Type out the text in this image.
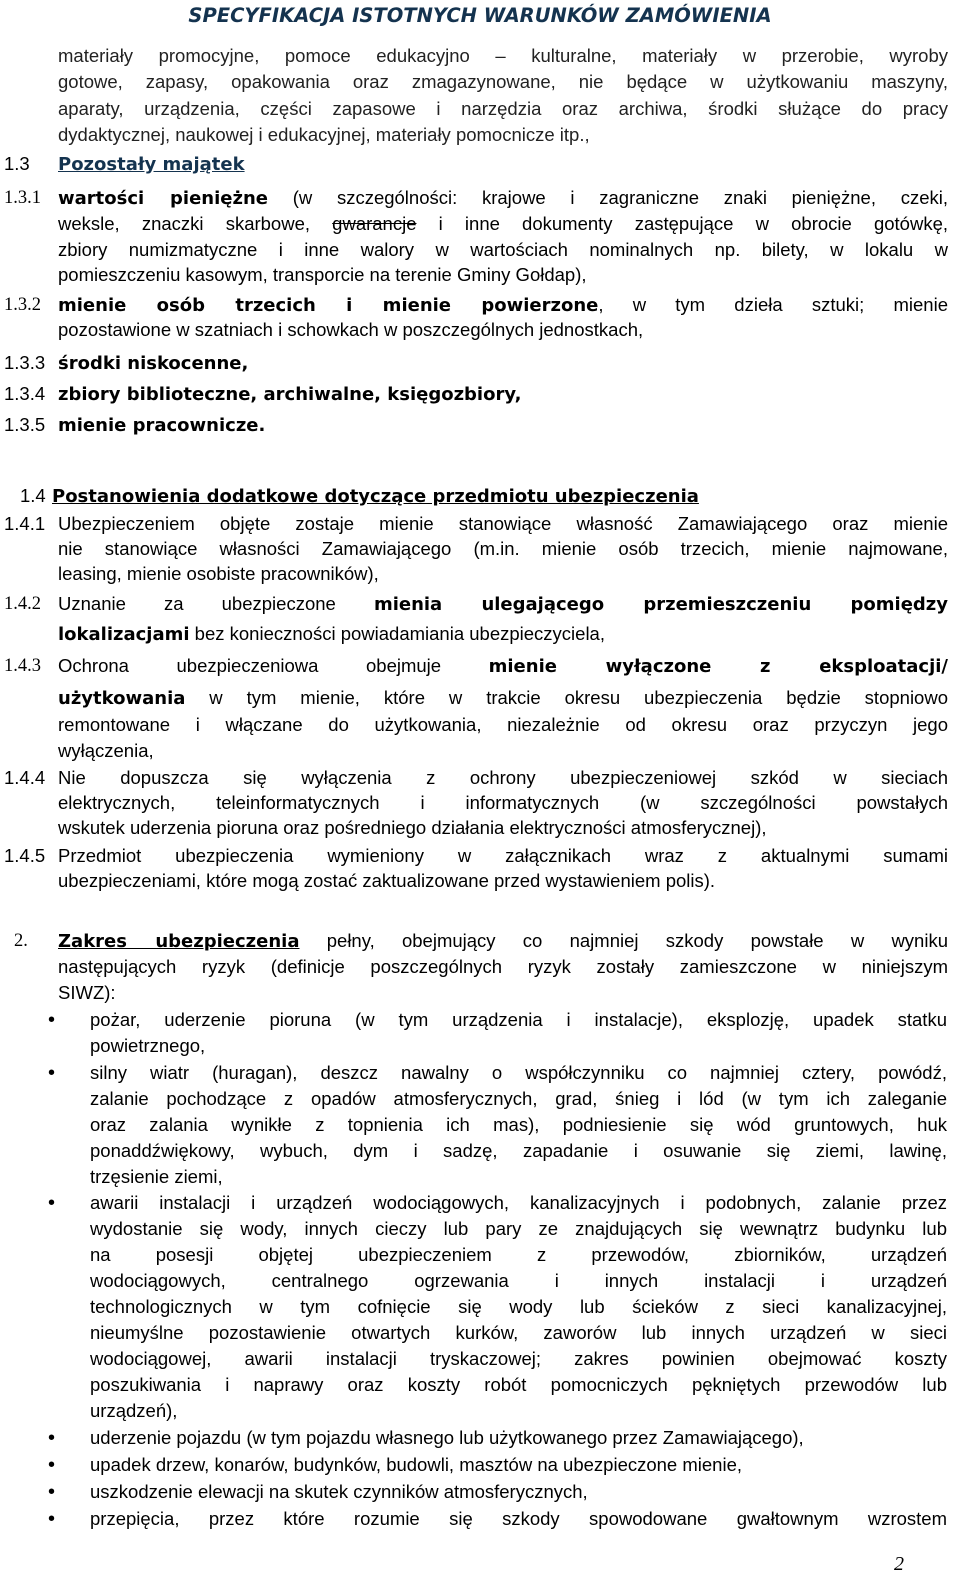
SPECYFIKACJA ISTOTNYCH WARUNKÓW ZAMÓWIENIA
materiały promocyjne, pomoce edukacyjno – kulturalne, materiały w przerobie, wyroby
gotowe, zapasy, opakowania oraz zmagazynowane, nie będące w użytkowaniu maszyny,
aparaty, urządzenia, części zapasowe i narzędzia oraz archiwa, środki służące do pracy
dydaktycznej, naukowej i edukacyjnej, materiały pomocnicze itp.,
1.3 Pozostały majątek
1.3.1 wartości pieniężne (w szczególności: krajowe i zagraniczne znaki pieniężne, czeki,
weksle, znaczki skarbowe, gwarancje i inne dokumenty zastępujące w obrocie gotówkę,
zbiory numizmatyczne i inne walory w wartościach nominalnych np. bilety, w lokalu w
pomieszczeniu kasowym, transporcie na terenie Gminy Gołdap),
1.3.2 mienie osób trzecich i mienie powierzone, w tym dzieła sztuki; mienie
pozostawione w szatniach i schowkach w poszczególnych jednostkach,
1.3.3 środki niskocenne,
1.3.4 zbiory biblioteczne, archiwalne, księgozbiory,
1.3.5 mienie pracownicze.
1.4 Postanowienia dodatkowe dotyczące przedmiotu ubezpieczenia
1.4.1 Ubezpieczeniem objęte zostaje mienie stanowiące własność Zamawiającego oraz mienie
nie stanowiące własności Zamawiającego (m.in. mienie osób trzecich, mienie najmowane,
leasing, mienie osobiste pracowników),
1.4.2 Uznanie za ubezpieczone mienia ulegającego przemieszczeniu pomiędzy
lokalizacjami bez konieczności powiadamiania ubezpieczyciela,
1.4.3 Ochrona ubezpieczeniowa obejmuje mienie wyłączone z eksploatacji/
użytkowania w tym mienie, które w trakcie okresu ubezpieczenia będzie stopniowo
remontowane i włączane do użytkowania, niezależnie od okresu oraz przyczyn jego
wyłączenia,
1.4.4 Nie dopuszcza się wyłączenia z ochrony ubezpieczeniowej szkód w sieciach
elektrycznych, teleinformatycznych i informatycznych (w szczególności powstałych
wskutek uderzenia pioruna oraz pośredniego działania elektryczności atmosferycznej),
1.4.5 Przedmiot ubezpieczenia wymieniony w załącznikach wraz z aktualnymi sumami
ubezpieczeniami, które mogą zostać zaktualizowane przed wystawieniem polis).
2. Zakres ubezpieczenia pełny, obejmujący co najmniej szkody powstałe w wyniku
następujących ryzyk (definicje poszczególnych ryzyk zostały zamieszczone w niniejszym
SIWZ):
• pożar, uderzenie pioruna (w tym urządzenia i instalacje), eksplozję, upadek statku
powietrznego,
• silny wiatr (huragan), deszcz nawalny o współczynniku co najmniej cztery, powódź,
zalanie pochodzące z opadów atmosferycznych, grad, śnieg i lód (w tym ich zaleganie
oraz zalania wynikłe z topnienia ich mas), podniesienie się wód gruntowych, huk
ponaddźwiękowy, wybuch, dym i sadzę, zapadanie i osuwanie się ziemi, lawinę,
trzęsienie ziemi,
• awarii instalacji i urządzeń wodociągowych, kanalizacyjnych i podobnych, zalanie przez
wydostanie się wody, innych cieczy lub pary ze znajdujących się wewnątrz budynku lub
na posesji objętej ubezpieczeniem z przewodów, zbiorników, urządzeń
wodociągowych, centralnego ogrzewania i innych instalacji i urządzeń
technologicznych w tym cofnięcie się wody lub ścieków z sieci kanalizacyjnej,
nieumyślne pozostawienie otwartych kurków, zaworów lub innych urządzeń w sieci
wodociągowej, awarii instalacji tryskaczowej; zakres powinien obejmować koszty
poszukiwania i naprawy oraz koszty robót pomocniczych pękniętych przewodów lub
urządzeń),
• uderzenie pojazdu (w tym pojazdu własnego lub użytkowanego przez Zamawiającego),
• upadek drzew, konarów, budynków, budowli, masztów na ubezpieczone mienie,
• uszkodzenie elewacji na skutek czynników atmosferycznych,
• przepięcia, przez które rozumie się szkody spowodowane gwałtownym wzrostem
2
